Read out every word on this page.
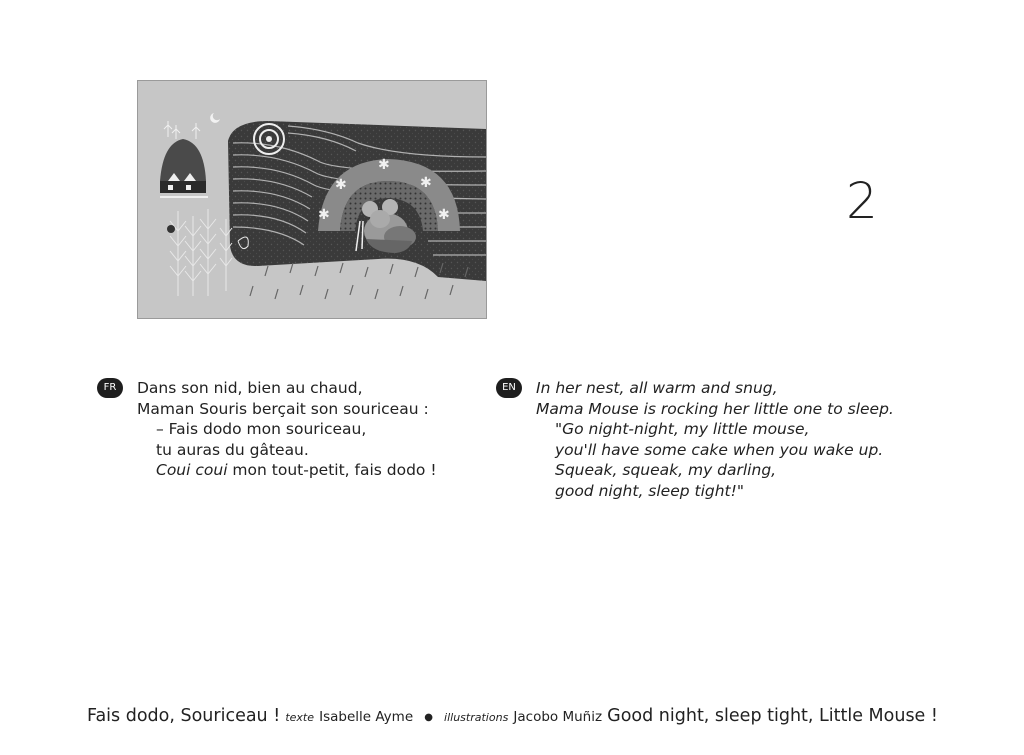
✱
✱
✱
✱	✱	2
FR	Dans son nid, bien au chaud,
Maman Souris berçait son souriceau :
– Fais dodo mon souriceau,
tu auras du gâteau.
Coui coui mon tout-petit, fais dodo !
EN	In her nest, all warm and snug,
Mama Mouse is rocking her little one to sleep.
"Go night-night, my little mouse,
you'll have some cake when you wake up.
Squeak, squeak, my darling,
good night, sleep tight!"
Fais dodo, Souriceau ! texte Isabelle Ayme ● illustrations Jacobo Muñiz Good night, sleep tight, Little Mouse !
